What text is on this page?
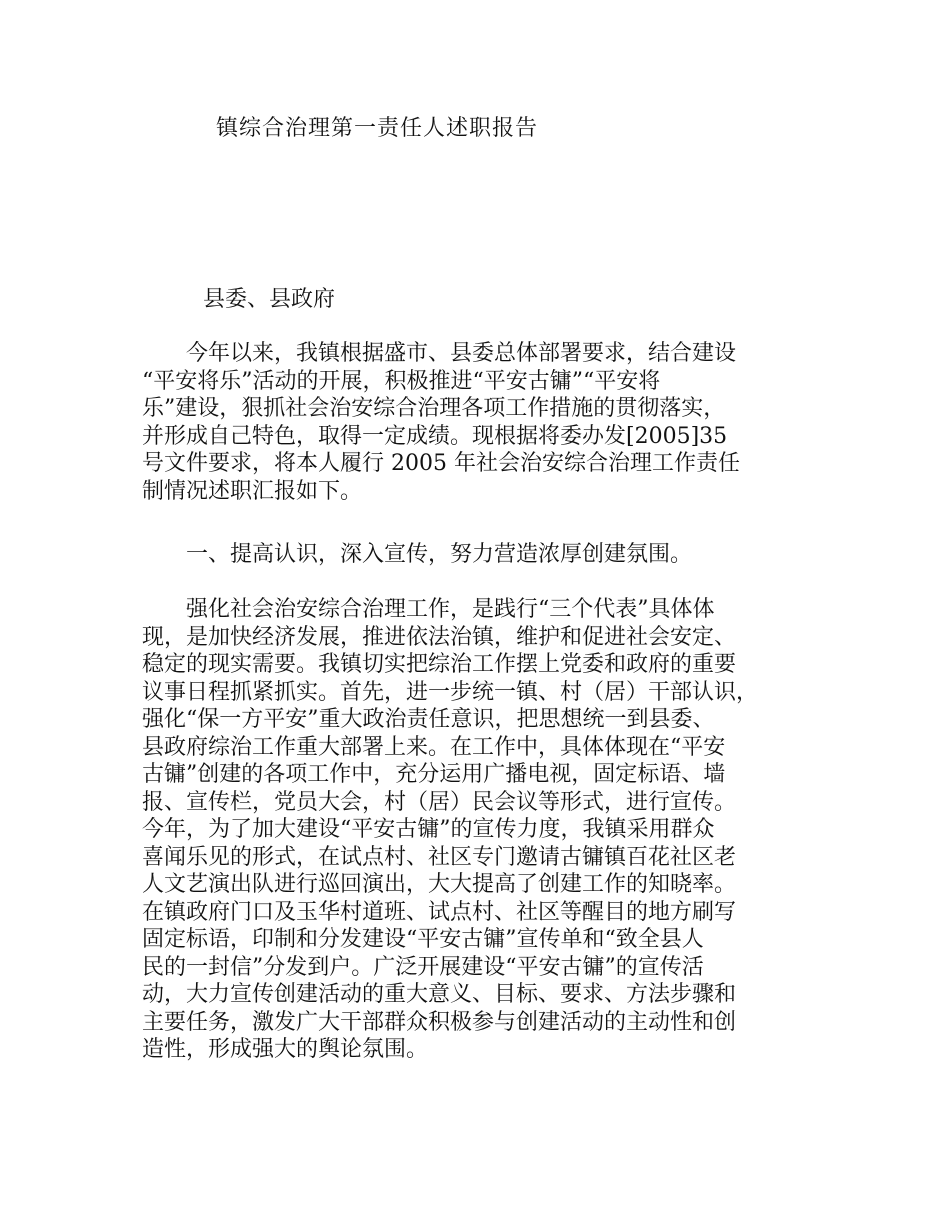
镇综合治理第一责任人述职报告
县委、县政府
　　今年以来，我镇根据盛市、县委总体部署要求，结合建设
“平安将乐”活动的开展，积极推进“平安古镛”“平安将
乐”建设，狠抓社会治安综合治理各项工作措施的贯彻落实，
并形成自己特色，取得一定成绩。现根据将委办发[2005]35
号文件要求，将本人履行 2005 年社会治安综合治理工作责任
制情况述职汇报如下。
　　一、提高认识，深入宣传，努力营造浓厚创建氛围。
　　强化社会治安综合治理工作，是践行“三个代表”具体体
现，是加快经济发展，推进依法治镇，维护和促进社会安定、
稳定的现实需要。我镇切实把综治工作摆上党委和政府的重要
议事日程抓紧抓实。首先，进一步统一镇、村（居）干部认识，
强化“保一方平安”重大政治责任意识，把思想统一到县委、
县政府综治工作重大部署上来。在工作中，具体体现在“平安
古镛”创建的各项工作中，充分运用广播电视，固定标语、墙
报、宣传栏，党员大会，村（居）民会议等形式，进行宣传。
今年，为了加大建设“平安古镛”的宣传力度，我镇采用群众
喜闻乐见的形式，在试点村、社区专门邀请古镛镇百花社区老
人文艺演出队进行巡回演出，大大提高了创建工作的知晓率。
在镇政府门口及玉华村道班、试点村、社区等醒目的地方刷写
固定标语，印制和分发建设“平安古镛”宣传单和“致全县人
民的一封信”分发到户。广泛开展建设“平安古镛”的宣传活
动，大力宣传创建活动的重大意义、目标、要求、方法步骤和
主要任务，激发广大干部群众积极参与创建活动的主动性和创
造性，形成强大的舆论氛围。
